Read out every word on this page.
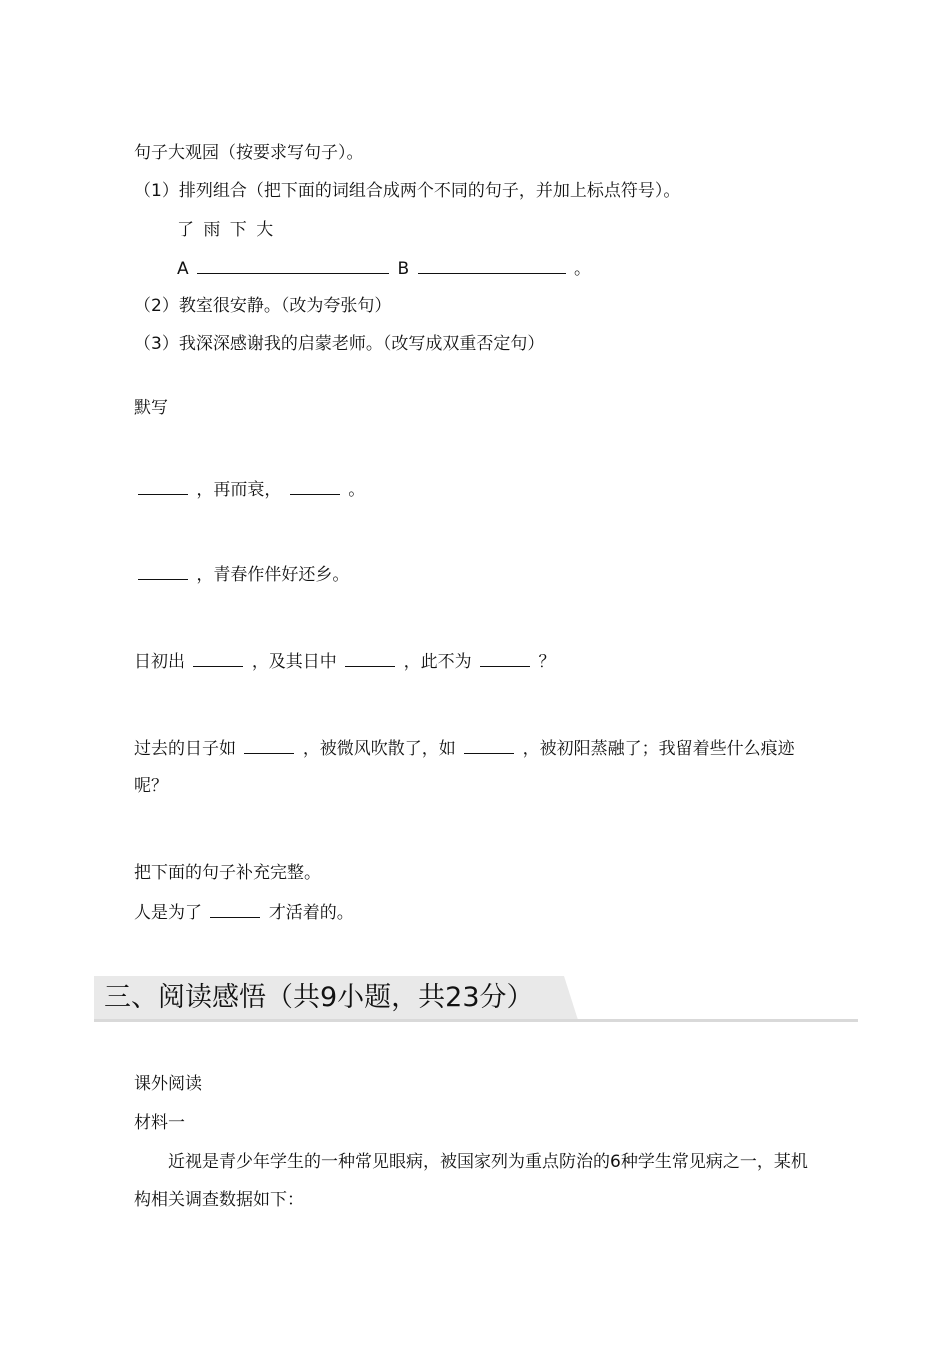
句子大观园（按要求写句子）。
（1）排列组合（把下面的词组合成两个不同的句子，并加上标点符号）。
了 雨 下 大
A	B	。
（2）教室很安静。（改为夸张句）
（3）我深深感谢我的启蒙老师。（改写成双重否定句）
默写
，再而衰，	。
，青春作伴好还乡。
日初出	，及其日中	，此不为	？
过去的日子如	，被微风吹散了，如	，被初阳蒸融了；我留着些什么痕迹
呢？
把下面的句子补充完整。
人是为了	才活着的。
三、阅读感悟（共9小题，共23分）
课外阅读
材料一
近视是青少年学生的一种常见眼病，被国家列为重点防治的6种学生常见病之一，某机
构相关调查数据如下：
